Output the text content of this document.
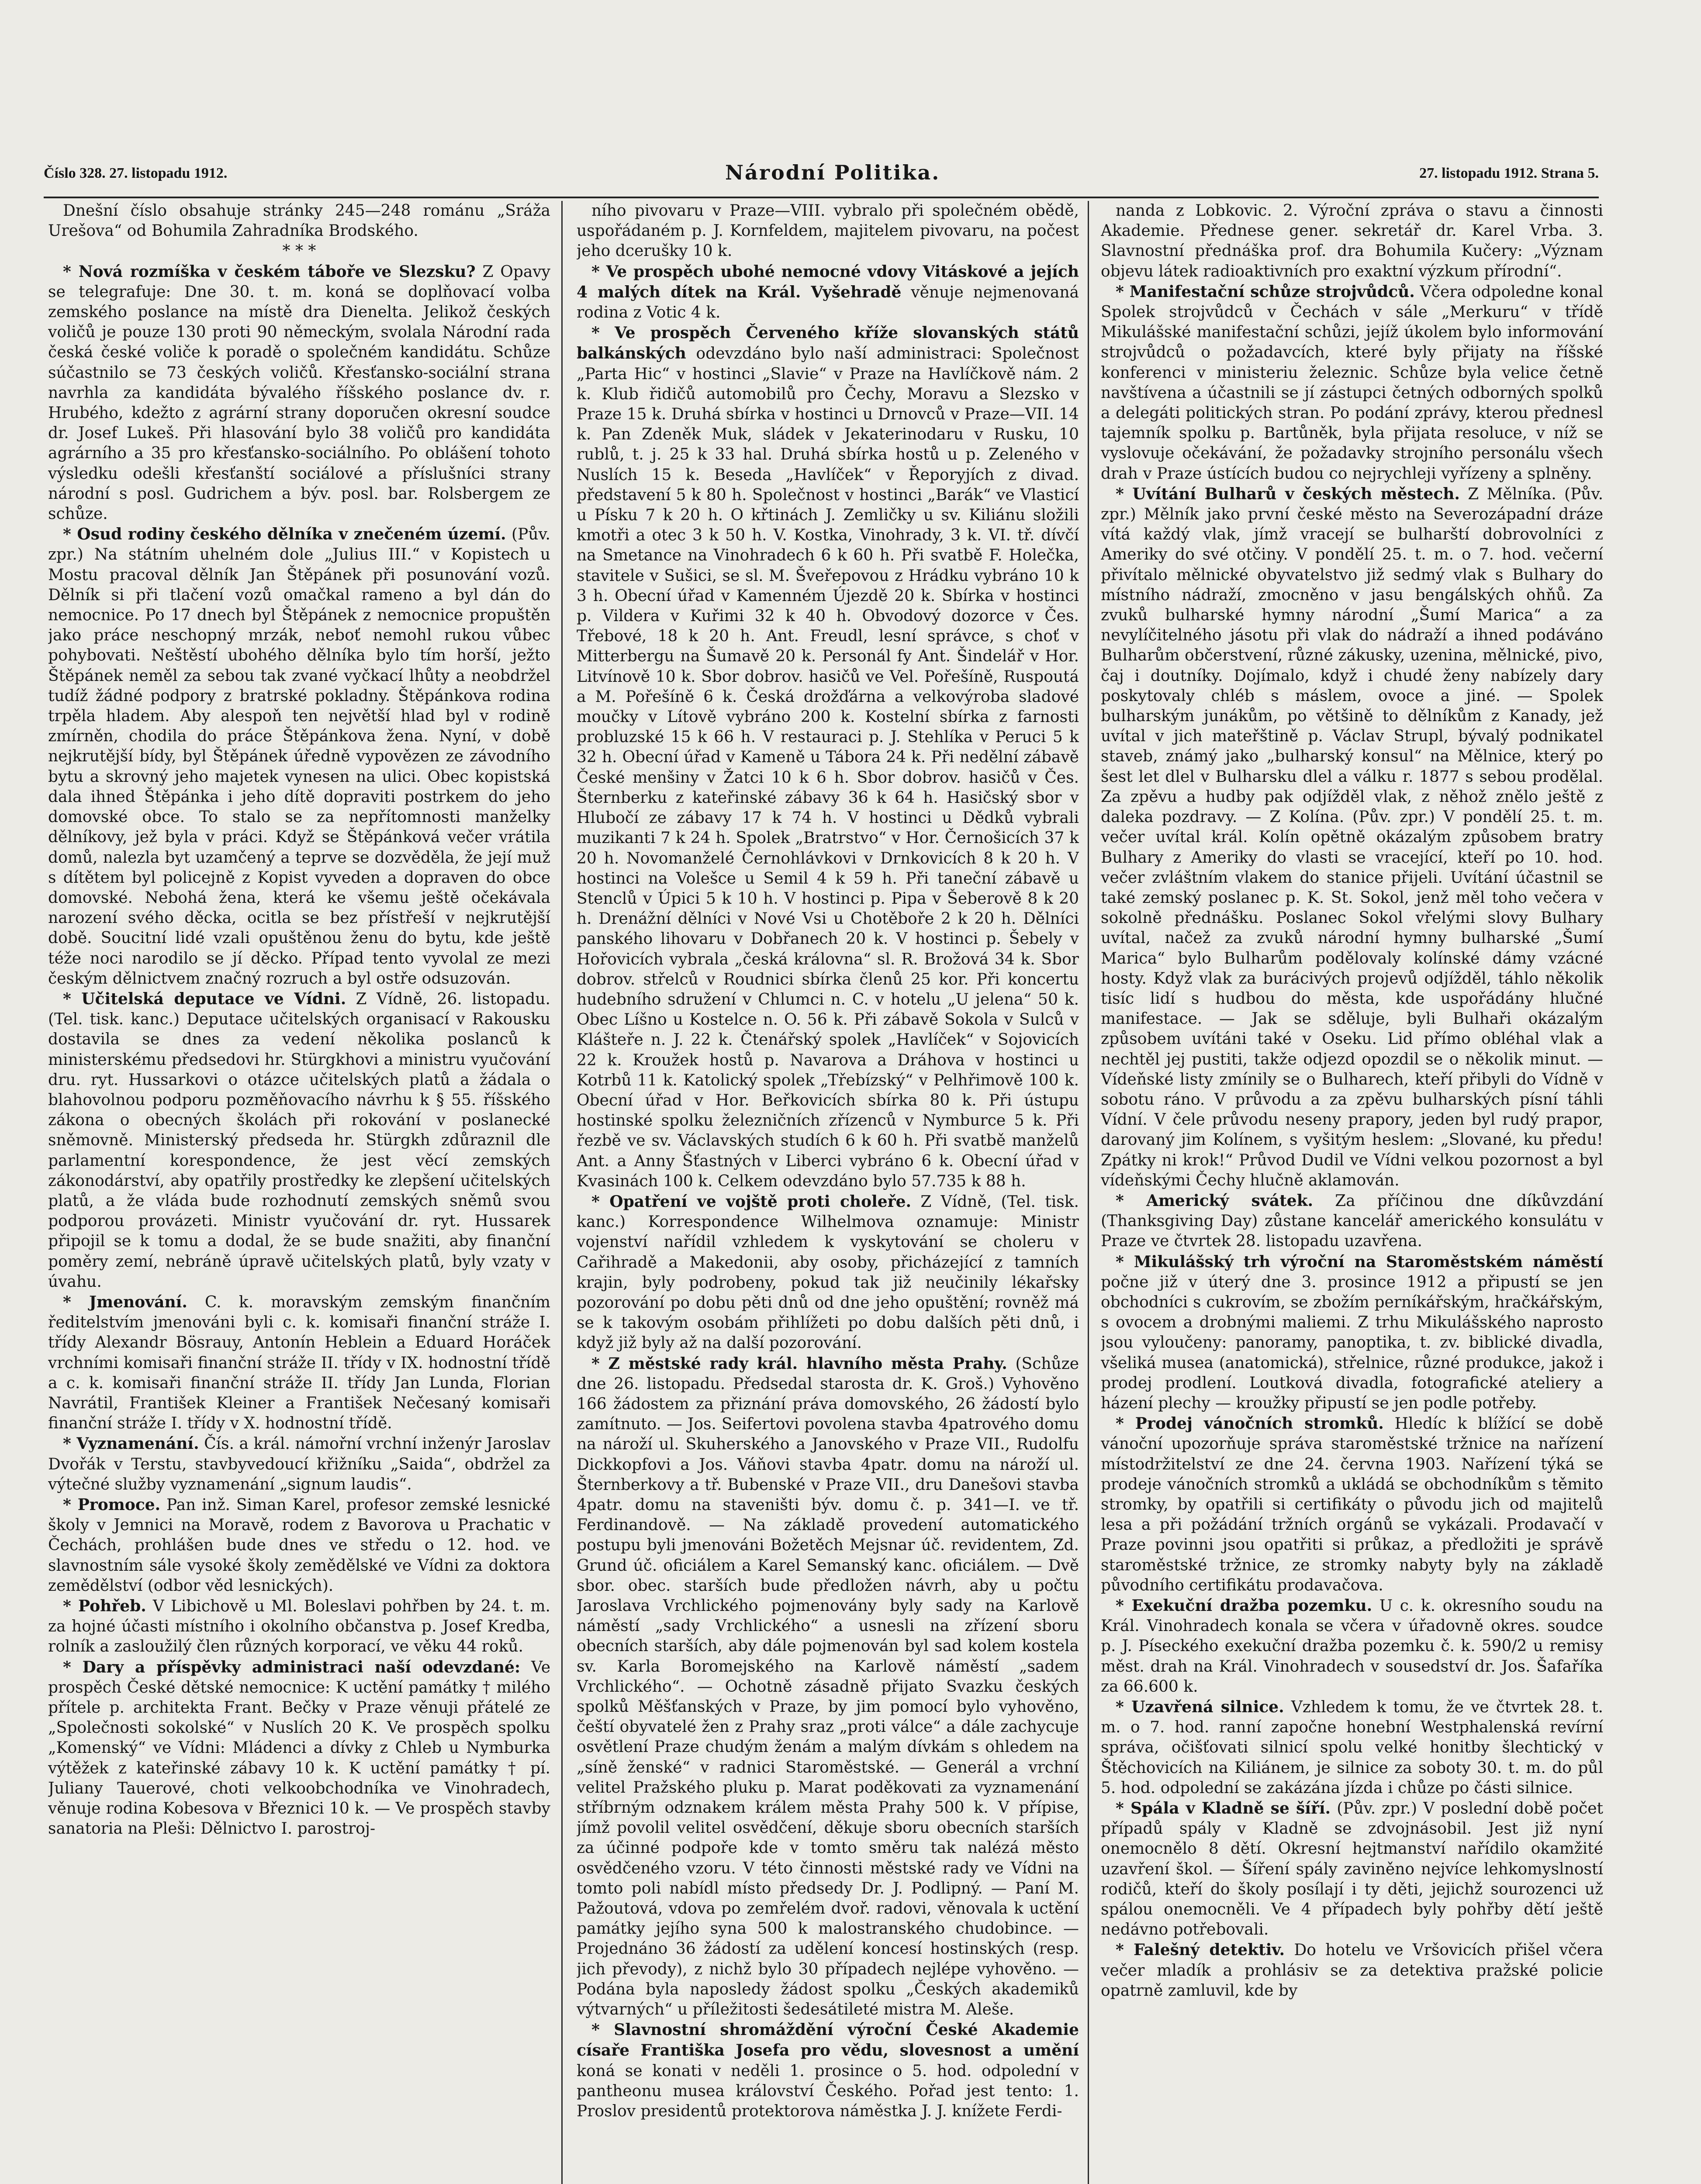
Číslo 328. 27. listopadu 1912.	Národní Politika.	27. listopadu 1912. Strana 5.

Dnešní číslo obsahuje stránky 245—248 románu „Sráža Urešova“ od Bohumila Zahradníka Brodského.

* * *

* Nová rozmíška v českém táboře ve Slezsku? Z Opavy se telegrafuje: Dne 30. t. m. koná se doplňovací volba zemského poslance na místě dra Dieneltа. Jelikož českých voličů je pouze 130 proti 90 německým, svolala Národní rada česká české voliče k poradě o společném kandidátu. Schůze súčastnilo se 73 českých voličů. Křesťansko-sociální strana navrhla za kandidáta bývalého říšského poslance dv. r. Hrubého, kdežto z agrární strany doporučen okresní soudce dr. Josef Lukeš. Při hlasování bylo 38 voličů pro kandidáta agrárního a 35 pro křesťansko-sociálního. Po oblášení tohoto výsledku odešli křesťanští sociálové a příslušníci strany národní s posl. Gudrichem a býv. posl. bar. Rolsbergem ze schůze.

* Osud rodiny českého dělníka v znečeném území. (Pův. zpr.) Na státním uhelném dole „Julius III.“ v Kopistech u Mostu pracoval dělník Jan Štěpánek při posunování vozů. Dělník si při tlačení vozů omačkal rameno a byl dán do nemocnice. Po 17 dnech byl Štěpánek z nemocnice propuštěn jako práce neschopný mrzák, neboť nemohl rukou vůbec pohybovati. Neštěstí ubohého dělníka bylo tím horší, ježto Štěpánek neměl za sebou tak zvané vyčkací lhůty a neobdržel tudíž žádné podpory z bratrské pokladny. Štěpánkova rodina trpěla hladem. Aby alespoň ten největší hlad byl v rodině zmírněn, chodila do práce Štěpánkova žena. Nyní, v době nejkrutější bídy, byl Štěpánek úředně vypovězen ze závodního bytu a skrovný jeho majetek vynesen na ulici. Obec kopistská dala ihned Štěpánka i jeho dítě dopraviti postrkem do jeho domovské obce. To stalo se za nepřítomnosti manželky dělníkovy, jež byla v práci. Když se Štěpánková večer vrátila domů, nalezla byt uzamčený a teprve se dozvěděla, že její muž s dítětem byl policejně z Kopist vyveden a dopraven do obce domovské. Nebohá žena, která ke všemu ještě očekávala narození svého děcka, ocitla se bez přístřeší v nejkrutější době. Soucitní lidé vzali opuštěnou ženu do bytu, kde ještě téže noci narodilo se jí děcko. Případ tento vyvolal ze mezi českým dělnictvem značný rozruch a byl ostře odsuzován.

* Učitelská deputace ve Vídni. Z Vídně, 26. listopadu. (Tel. tisk. kanc.) Deputace učitelských organisací v Rakousku dostavila se dnes za vedení několika poslanců k ministerskému předsedovi hr. Stürgkhovi a ministru vyučování dru. ryt. Hussarkovi o otázce učitelských platů a žádala o blahovolnou podporu pozměňovacího návrhu k § 55. říšského zákona o obecných školách při rokování v poslanecké sněmovně. Ministerský předseda hr. Stürgkh zdůraznil dle parlamentní korespondence, že jest věcí zemských zákonodárství, aby opatřily prostředky ke zlepšení učitelských platů, a že vláda bude rozhodnutí zemských sněmů svou podporou provázeti. Ministr vyučování dr. ryt. Hussarek připojil se k tomu a dodal, že se bude snažiti, aby finanční poměry zemí, nebráně úpravě učitelských platů, byly vzaty v úvahu.

* Jmenování. C. k. moravským zemským finančním ředitelstvím jmenováni byli c. k. komisaři finanční stráže I. třídy Alexandr Bösrauy, Antonín Heblein a Eduard Horáček vrchními komisaři finanční stráže II. třídy v IX. hodnostní třídě a c. k. komisaři finanční stráže II. třídy Jan Lunda, Florian Navrátil, František Kleiner a František Nečesaný komisaři finanční stráže I. třídy v X. hodnostní třídě.

* Vyznamenání. Čís. a král. námořní vrchní inženýr Jaroslav Dvořák v Terstu, stavbyvedoucí křižníku „Saida“, obdržel za výtečné služby vyznamenání „signum laudis“.

* Promoce. Pan inž. Siman Karel, profesor zemské lesnické školy v Jemnici na Moravě, rodem z Bavorova u Prachatic v Čechách, prohlášen bude dnes ve středu o 12. hod. ve slavnostním sále vysoké školy zemědělské ve Vídni za doktora zemědělství (odbor věd lesnických).

* Pohřeb. V Libichově u Ml. Boleslavi pohřben by 24. t. m. za hojné účasti místního i okolního občanstva p. Josef Kredba, rolník a zasloužilý člen různých korporací, ve věku 44 roků.

* Dary a příspěvky administraci naší odevzdané: Ve prospěch České dětské nemocnice: K uctění památky † milého přítele p. architekta Frant. Bečky v Praze věnuji přátelé ze „Společnosti sokolské“ v Nuslích 20 K. Ve prospěch spolku „Komenský“ ve Vídni: Mládenci a dívky z Chleb u Nymburka výtěžek z kateřinské zábavy 10 k. K uctění památky † pí. Juliany Tauerové, choti velkoobchodníka ve Vinohradech, věnuje rodina Kobesova v Březnici 10 k. — Ve prospěch stavby sanatoria na Pleši: Dělnictvo I. parostroj-

ního pivovaru v Praze—VIII. vybralo při společném obědě, uspořádaném p. J. Kornfeldem, majitelem pivovaru, na počest jeho dcerušky 10 k.

* Ve prospěch ubohé nemocné vdovy Vitáskové a jejích 4 malých dítek na Král. Vyšehradě věnuje nejmenovaná rodina z Votic 4 k.

* Ve prospěch Červeného kříže slovanských států balkánských odevzdáno bylo naší administraci: Společnost „Parta Hic“ v hostinci „Slavie“ v Praze na Havlíčkově nám. 2 k. Klub řidičů automobilů pro Čechy, Moravu a Slezsko v Praze 15 k. Druhá sbírka v hostinci u Drnovců v Praze—VII. 14 k. Pan Zdeněk Muk, sládek v Jekaterinodaru v Rusku, 10 rublů, t. j. 25 k 33 hal. Druhá sbírka hostů u p. Zeleného v Nuslích 15 k. Beseda „Havlíček“ v Řeporyjích z divad. představení 5 k 80 h. Společnost v hostinci „Barák“ ve Vlasticí u Písku 7 k 20 h. O křtinách J. Zemličky u sv. Kiliánu složili kmotři a otec 3 k 50 h. V. Kostka, Vinohrady, 3 k. VI. tř. dívčí na Smetance na Vinohradech 6 k 60 h. Při svatbě F. Holečka, stavitele v Sušici, se sl. M. Šveřepovou z Hrádku vybráno 10 k 3 h. Obecní úřad v Kamenném Újezdě 20 k. Sbírka v hostinci p. Vildera v Kuřimi 32 k 40 h. Obvodový dozorce v Čes. Třebové, 18 k 20 h. Ant. Freudl, lesní správce, s choť v Mitterbergu na Šumavě 20 k. Personál fy Ant. Šindelář v Hor. Litvínově 10 k. Sbor dobrov. hasičů ve Vel. Pořešíně, Ruspoutá a M. Pořešíně 6 k. Česká drožďárna a velkovýroba sladové moučky v Lítově vybráno 200 k. Kostelní sbírka z farnosti probluzské 15 k 66 h. V restauraci p. J. Stehlíka v Peruci 5 k 32 h. Obecní úřad v Kameně u Tábora 24 k. Při nedělní zábavě České menšiny v Žatci 10 k 6 h. Sbor dobrov. hasičů v Čes. Šternberku z kateřinské zábavy 36 k 64 h. Hasičský sbor v Hlubočí ze zábavy 17 k 74 h. V hostinci u Dědků vybrali muzikanti 7 k 24 h. Spolek „Bratrstvo“ v Hor. Černošicích 37 k 20 h. Novomanželé Černohlávkovi v Drnkovicích 8 k 20 h. V hostinci na Volešce u Semil 4 k 59 h. Při taneční zábavě u Stenclů v Úpici 5 k 10 h. V hostinci p. Pipa v Šeberově 8 k 20 h. Drenážní dělníci v Nové Vsi u Chotěboře 2 k 20 h. Dělníci panského lihovaru v Dobřanech 20 k. V hostinci p. Šebely v Hořovicích vybrala „česká královna“ sl. R. Brožová 34 k. Sbor dobrov. střelců v Roudnici sbírka členů 25 kor. Při koncertu hudebního sdružení v Chlumci n. C. v hotelu „U jelena“ 50 k. Obec Líšno u Kostelce n. O. 56 k. Při zábavě Sokola v Sulců v Klášteře n. J. 22 k. Čtenářský spolek „Havlíček“ v Sojovicích 22 k. Kroužek hostů p. Navarova a Dráhova v hostinci u Kotrbů 11 k. Katolický spolek „Třebízský“ v Pelhřimově 100 k. Obecní úřad v Hor. Beřkovicích sbírka 80 k. Při ústupu hostinské spolku železničních zřízenců v Nymburce 5 k. Při řezbě ve sv. Václavských studích 6 k 60 h. Při svatbě manželů Ant. a Anny Šťastných v Liberci vybráno 6 k. Obecní úřad v Kvasinách 100 k. Celkem odevzdáno bylo 57.735 k 88 h.

* Opatření ve vojště proti choleře. Z Vídně, (Tel. tisk. kanc.) Korrespondence Wilhelmova oznamuje: Ministr vojenství nařídil vzhledem k vyskytování se choleru v Cařihradě a Makedonii, aby osoby, přicházející z tamních krajin, byly podrobeny, pokud tak již neučinily lékařsky pozorování po dobu pěti dnů od dne jeho opuštění; rovněž má se k takovým osobám přihlížeti po dobu dalších pěti dnů, i když již byly až na další pozorování.

* Z městské rady král. hlavního města Prahy. (Schůze dne 26. listopadu. Předsedal starosta dr. K. Groš.) Vyhověno 166 žádostem za přiznání práva domovského, 26 žádostí bylo zamítnuto. — Jos. Seifertovi povolena stavba 4patrového domu na nároží ul. Skuherského a Janovského v Praze VII., Rudolfu Dickkopfovi a Jos. Váňovi stavba 4patr. domu na nároží ul. Šternberkovy a tř. Bubenské v Praze VII., dru Danešovi stavba 4patr. domu na staveništi býv. domu č. p. 341—I. ve tř. Ferdinandově. — Na základě provedení automatického postupu byli jmenováni Božetěch Mejsnar úč. revidentem, Zd. Grund úč. oficiálem a Karel Semanský kanc. oficiálem. — Dvě sbor. obec. starších bude předložen návrh, aby u počtu Jaroslava Vrchlického pojmenovány byly sady na Karlově náměstí „sady Vrchlického“ a usnesli na zřízení sboru obecních starších, aby dále pojmenován byl sad kolem kostela sv. Karla Boromejského na Karlově náměstí „sadem Vrchlického“. — Ochotně zásadně přijato Svazku českých spolků Měšťanských v Praze, by jim pomocí bylo vyhověno, čeští obyvatelé žen z Prahy sraz „proti válce“ a dále zachycuje osvětlení Praze chudým ženám a malým dívkám s ohledem na „síně ženské“ v radnici Staroměstské. — Generál a vrchní velitel Pražského pluku p. Marat poděkovati za vyznamenání stříbrným odznakem králem města Prahy 500 k. V přípise, jímž povolil velitel osvědčení, děkuje sboru obecních starších za účinné podpoře kde v tomto směru tak nalézá město osvědčeného vzoru. V této činnosti městské rady ve Vídni na tomto poli nabídl místo předsedy Dr. J. Podlipný. — Paní M. Pažoutová, vdova po zemřelém dvoř. radovi, věnovala k uctění památky jejího syna 500 k malostranského chudobince. — Projednáno 36 žádostí za udělení koncesí hostinských (resp. jich převody), z nichž bylo 30 případech nejlépe vyhověno. — Podána byla naposledy žádost spolku „Českých akademiků výtvarných“ u příležitosti šedesátileté mistra M. Aleše.

* Slavnostní shromáždění výroční České Akademie císaře Františka Josefa pro vědu, slovesnost a umění koná se konati v neděli 1. prosince o 5. hod. odpolední v pantheonu musea království Českého. Pořad jest tento: 1. Proslov presidentů protektorova náměstka J. J. knížete Ferdi-

nanda z Lobkovic. 2. Výroční zpráva o stavu a činnosti Akademie. Přednese gener. sekretář dr. Karel Vrba. 3. Slavnostní přednáška prof. dra Bohumila Kučery: „Význam objevu látek radioaktivních pro exaktní výzkum přírodní“.

* Manifestační schůze strojvůdců. Včera odpoledne konal Spolek strojvůdců v Čechách v sále „Merkuru“ v třídě Mikulášské manifestační schůzi, jejíž úkolem bylo informování strojvůdců o požadavcích, které byly přijaty na říšské konferenci v ministeriu železnic. Schůze byla velice četně navštívena a účastnili se jí zástupci četných odborných spolků a delegáti politických stran. Po podání zprávy, kterou přednesl tajemník spolku p. Bartůněk, byla přijata resoluce, v níž se vyslovuje očekávání, že požadavky strojního personálu všech drah v Praze ústících budou co nejrychleji vyřízeny a splněny.

* Uvítání Bulharů v českých městech. Z Mělníka. (Pův. zpr.) Mělník jako první české město na Severozápadní dráze vítá každý vlak, jímž vracejí se bulharští dobrovolníci z Ameriky do své otčiny. V pondělí 25. t. m. o 7. hod. večerní přivítalo mělnické obyvatelstvo již sedmý vlak s Bulhary do místního nádraží, zmocněno v jasu bengálských ohňů. Za zvuků bulharské hymny národní „Šumí Marica“ a za nevylíčitelného jásotu při vlak do nádraží a ihned podáváno Bulharům občerstvení, různé zákusky, uzenina, mělnické, pivo, čaj i doutníky. Dojímalo, když i chudé ženy nabízely dary poskytovaly chléb s máslem, ovoce a jiné. — Spolek bulharským junákům, po většině to dělníkům z Kanady, jež uvítal v jich mateřštině p. Václav Strupl, bývalý podnikatel staveb, známý jako „bulharský konsul“ na Mělnice, který po šest let dlel v Bulharsku dlel a válku r. 1877 s sebou prodělal. Za zpěvu a hudby pak odjížděl vlak, z něhož znělo ještě z daleka pozdravy. — Z Kolína. (Pův. zpr.) V pondělí 25. t. m. večer uvítal král. Kolín opětně okázalým způsobem bratry Bulhary z Ameriky do vlasti se vracející, kteří po 10. hod. večer zvláštním vlakem do stanice přijeli. Uvítání účastnil se také zemský poslanec p. K. St. Sokol, jenž měl toho večera v sokolně přednášku. Poslanec Sokol vřelými slovy Bulhary uvítal, načež za zvuků národní hymny bulharské „Šumí Marica“ bylo Bulharům podělovaly kolínské dámy vzácné hosty. Když vlak za burácivých projevů odjížděl, táhlo několik tisíc lidí s hudbou do města, kde uspořádány hlučné manifestace. — Jak se sděluje, byli Bulhaři okázalým způsobem uvítáni také v Oseku. Lid přímo obléhal vlak a nechtěl jej pustiti, takže odjezd opozdil se o několik minut. — Vídeňské listy zmínily se o Bulharech, kteří přibyli do Vídně v sobotu ráno. V průvodu a za zpěvu bulharských písní táhli Vídní. V čele průvodu neseny prapory, jeden byl rudý prapor, darovaný jim Kolínem, s vyšitým heslem: „Slované, ku předu! Zpátky ni krok!“ Průvod Dudil ve Vídni velkou pozornost a byl vídeňskými Čechy hlučně aklamován.

* Americký svátek. Za příčinou dne díkůvzdání (Thanksgiving Day) zůstane kancelář amerického konsulátu v Praze ve čtvrtek 28. listopadu uzavřena.

* Mikulášský trh výroční na Staroměstském náměstí počne již v úterý dne 3. prosince 1912 a připustí se jen obchodníci s cukrovím, se zbožím perníkářským, hračkářským, s ovocem a drobnými maliemi. Z trhu Mikulášského naprosto jsou vyloučeny: panoramy, panoptika, t. zv. biblické divadla, všeliká musea (anatomická), střelnice, různé produkce, jakož i prodej prodlení. Loutková divadla, fotografické ateliery a házení plechy — kroužky připustí se jen podle potřeby.

* Prodej vánočních stromků. Hledíc k blížící se době vánoční upozorňuje správa staroměstské tržnice na nařízení místodržitelství ze dne 24. června 1903. Nařízení týká se prodeje vánočních stromků a ukládá se obchodníkům s těmito stromky, by opatřili si certifikáty o původu jich od majitelů lesa a při požádání tržních orgánů se vykázali. Prodavačí v Praze povinni jsou opatřiti si průkaz, a předložiti je správě staroměstské tržnice, ze stromky nabyty byly na základě původního certifikátu prodavačova.

* Exekuční dražba pozemku. U c. k. okresního soudu na Král. Vinohradech konala se včera v úřadovně okres. soudce p. J. Píseckého exekuční dražba pozemku č. k. 590/2 u remisy měst. drah na Král. Vinohradech v sousedství dr. Jos. Šafaříka za 66.600 k.

* Uzavřená silnice. Vzhledem k tomu, že ve čtvrtek 28. t. m. o 7. hod. ranní započne honební Westphalenská revírní správa, očišťovati silnicí spolu velké honitby šlechtický v Štěchovicích na Kiliánem, je silnice za soboty 30. t. m. do půl 5. hod. odpolední se zakázána jízda i chůze po části silnice.

* Spála v Kladně se šíří. (Pův. zpr.) V poslední době počet případů spály v Kladně se zdvojnásobil. Jest již nyní onemocnělo 8 dětí. Okresní hejtmanství nařídilo okamžité uzavření škol. — Šíření spály zaviněno nejvíce lehkomyslností rodičů, kteří do školy posílají i ty děti, jejichž sourozenci už spálou onemocněli. Ve 4 případech byly pohřby dětí ještě nedávno potřebovali.

* Falešný detektiv. Do hotelu ve Vršovicích přišel včera večer mladík a prohlásiv se za detektiva pražské policie opatrně zamluvil, kde by
